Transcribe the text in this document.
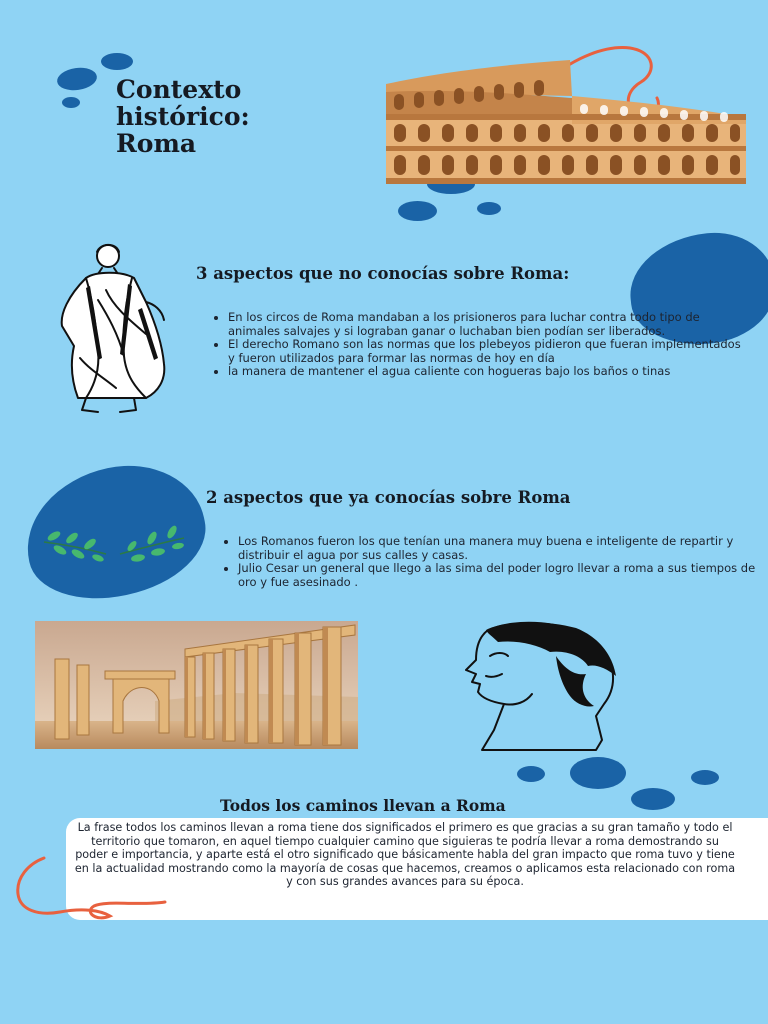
Contexto
histórico:
Roma
3 aspectos que no conocías sobre Roma:
• En los circos de Roma mandaban a los prisioneros para luchar contra todo tipo de animales salvajes y si lograban ganar o luchaban bien podían ser liberados.
• El derecho Romano son las normas que los plebeyos pidieron que fueran implementados y fueron utilizados para formar las normas de hoy en día
• la manera de mantener el agua caliente con hogueras bajo los baños o tinas
2 aspectos que ya conocías sobre Roma
• Los Romanos fueron los que tenían una manera muy buena e inteligente de repartir y distribuir el agua por sus calles y casas.
• Julio Cesar un general que llego a las sima del poder logro llevar a roma a sus tiempos de oro y fue asesinado .
Todos los caminos llevan a Roma

La frase todos los caminos llevan a roma tiene dos significados el primero es que gracias a su gran tamaño y todo el territorio que tomaron, en aquel tiempo cualquier camino que siguieras te podría llevar a roma demostrando su poder e importancia, y aparte está el otro significado que básicamente habla del gran impacto que roma tuvo y tiene en la actualidad mostrando como la mayoría de cosas que hacemos, creamos o aplicamos esta relacionado con roma y con sus grandes avances para su época.
